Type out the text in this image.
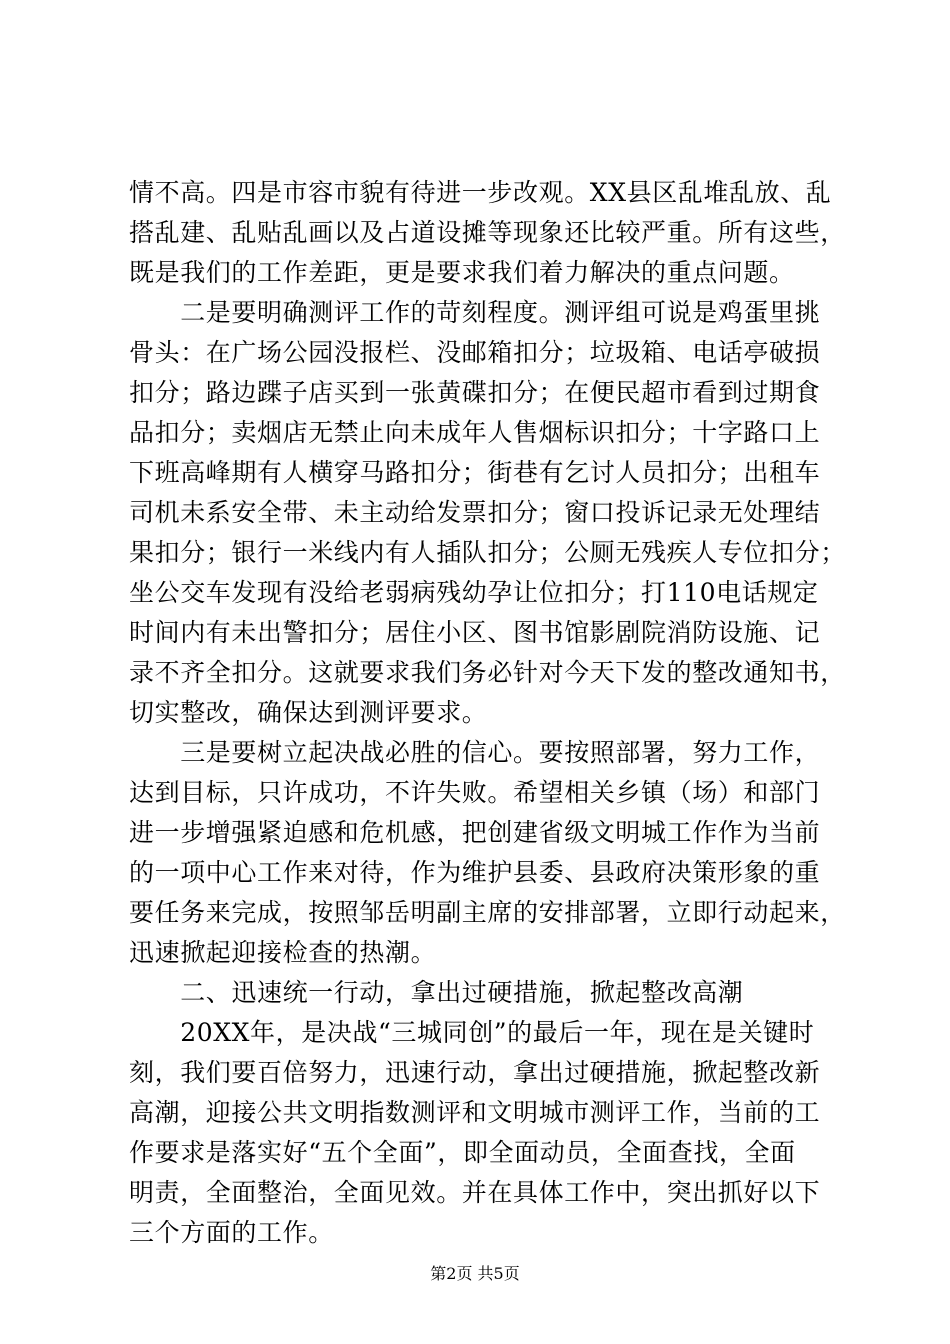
情不高。四是市容市貌有待进一步改观。XX县区乱堆乱放、乱
搭乱建、乱贴乱画以及占道设摊等现象还比较严重。所有这些，
既是我们的工作差距，更是要求我们着力解决的重点问题。
　　二是要明确测评工作的苛刻程度。测评组可说是鸡蛋里挑
骨头：在广场公园没报栏、没邮箱扣分；垃圾箱、电话亭破损
扣分；路边蹀子店买到一张黄碟扣分；在便民超市看到过期食
品扣分；卖烟店无禁止向未成年人售烟标识扣分；十字路口上
下班高峰期有人横穿马路扣分；街巷有乞讨人员扣分；出租车
司机未系安全带、未主动给发票扣分；窗口投诉记录无处理结
果扣分；银行一米线内有人插队扣分；公厕无残疾人专位扣分；
坐公交车发现有没给老弱病残幼孕让位扣分；打110电话规定
时间内有未出警扣分；居住小区、图书馆影剧院消防设施、记
录不齐全扣分。这就要求我们务必针对今天下发的整改通知书，
切实整改，确保达到测评要求。
　　三是要树立起决战必胜的信心。要按照部署，努力工作，
达到目标，只许成功，不许失败。希望相关乡镇（场）和部门
进一步增强紧迫感和危机感，把创建省级文明城工作作为当前
的一项中心工作来对待，作为维护县委、县政府决策形象的重
要任务来完成，按照邹岳明副主席的安排部署，立即行动起来，
迅速掀起迎接检查的热潮。
　　二、迅速统一行动，拿出过硬措施，掀起整改高潮
　　20XX年，是决战“三城同创”的最后一年，现在是关键时
刻，我们要百倍努力，迅速行动，拿出过硬措施，掀起整改新
高潮，迎接公共文明指数测评和文明城市测评工作，当前的工
作要求是落实好“五个全面”，即全面动员，全面查找，全面
明责，全面整治，全面见效。并在具体工作中，突出抓好以下
三个方面的工作。
第2页 共5页
